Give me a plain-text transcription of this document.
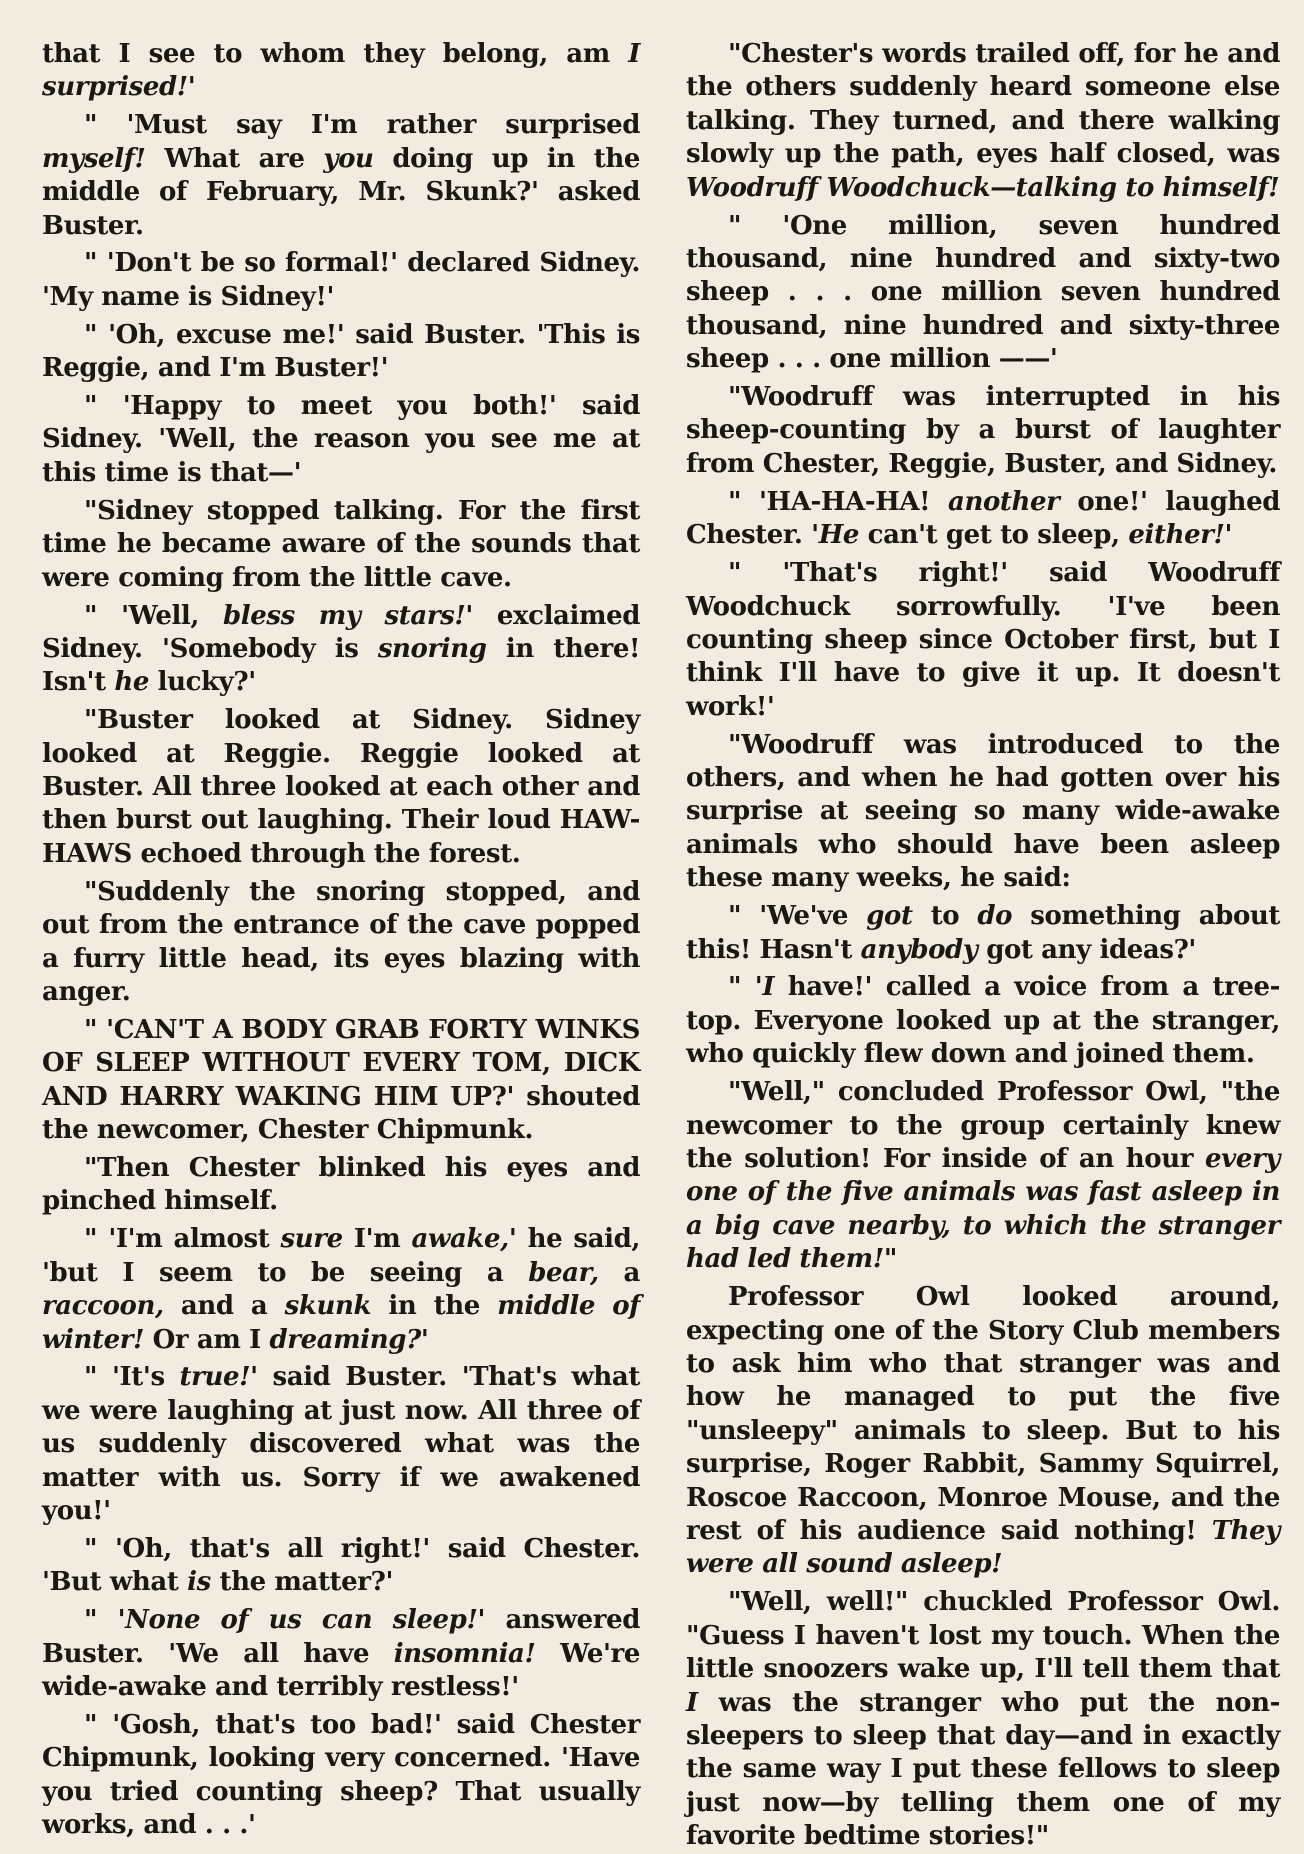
that I see to whom they belong, am I surprised!'

" 'Must say I'm rather surprised myself! What are you doing up in the middle of February, Mr. Skunk?' asked Buster.

" 'Don't be so formal!' declared Sidney. 'My name is Sidney!'

" 'Oh, excuse me!' said Buster. 'This is Reggie, and I'm Buster!'

" 'Happy to meet you both!' said Sidney. 'Well, the reason you see me at this time is that—'

"Sidney stopped talking. For the first time he became aware of the sounds that were coming from the little cave.

" 'Well, bless my stars!' exclaimed Sidney. 'Somebody is snoring in there! Isn't he lucky?'

"Buster looked at Sidney. Sidney looked at Reggie. Reggie looked at Buster. All three looked at each other and then burst out laughing. Their loud HAW-HAWS echoed through the forest.

"Suddenly the snoring stopped, and out from the entrance of the cave popped a furry little head, its eyes blazing with anger.

" 'CAN'T A BODY GRAB FORTY WINKS OF SLEEP WITHOUT EVERY TOM, DICK AND HARRY WAKING HIM UP?' shouted the newcomer, Chester Chipmunk.

"Then Chester blinked his eyes and pinched himself.

" 'I'm almost sure I'm awake,' he said, 'but I seem to be seeing a bear, a raccoon, and a skunk in the middle of winter! Or am I dreaming?'

" 'It's true!' said Buster. 'That's what we were laughing at just now. All three of us suddenly discovered what was the matter with us. Sorry if we awakened you!'

" 'Oh, that's all right!' said Chester. 'But what is the matter?'

" 'None of us can sleep!' answered Buster. 'We all have insomnia! We're wide-awake and terribly restless!'

" 'Gosh, that's too bad!' said Chester Chipmunk, looking very concerned. 'Have you tried counting sheep? That usually works, and . . .'

"Chester's words trailed off, for he and the others suddenly heard someone else talking. They turned, and there walking slowly up the path, eyes half closed, was Woodruff Woodchuck—talking to himself!

" 'One million, seven hundred thousand, nine hundred and sixty-two sheep . . . one million seven hundred thousand, nine hundred and sixty-three sheep . . . one million ——'

"Woodruff was interrupted in his sheep-counting by a burst of laughter from Chester, Reggie, Buster, and Sidney.

" 'HA-HA-HA! another one!' laughed Chester. 'He can't get to sleep, either!'

" 'That's right!' said Woodruff Woodchuck sorrowfully. 'I've been counting sheep since October first, but I think I'll have to give it up. It doesn't work!'

"Woodruff was introduced to the others, and when he had gotten over his surprise at seeing so many wide-awake animals who should have been asleep these many weeks, he said:

" 'We've got to do something about this! Hasn't anybody got any ideas?'

" 'I have!' called a voice from a tree-top. Everyone looked up at the stranger, who quickly flew down and joined them.

"Well," concluded Professor Owl, "the newcomer to the group certainly knew the solution! For inside of an hour every one of the five animals was fast asleep in a big cave nearby, to which the stranger had led them!"

Professor Owl looked around, expecting one of the Story Club members to ask him who that stranger was and how he managed to put the five "unsleepy" animals to sleep. But to his surprise, Roger Rabbit, Sammy Squirrel, Roscoe Raccoon, Monroe Mouse, and the rest of his audience said nothing! They were all sound asleep!

"Well, well!" chuckled Professor Owl. "Guess I haven't lost my touch. When the little snoozers wake up, I'll tell them that I was the stranger who put the non-sleepers to sleep that day—and in exactly the same way I put these fellows to sleep just now—by telling them one of my favorite bedtime stories!"
